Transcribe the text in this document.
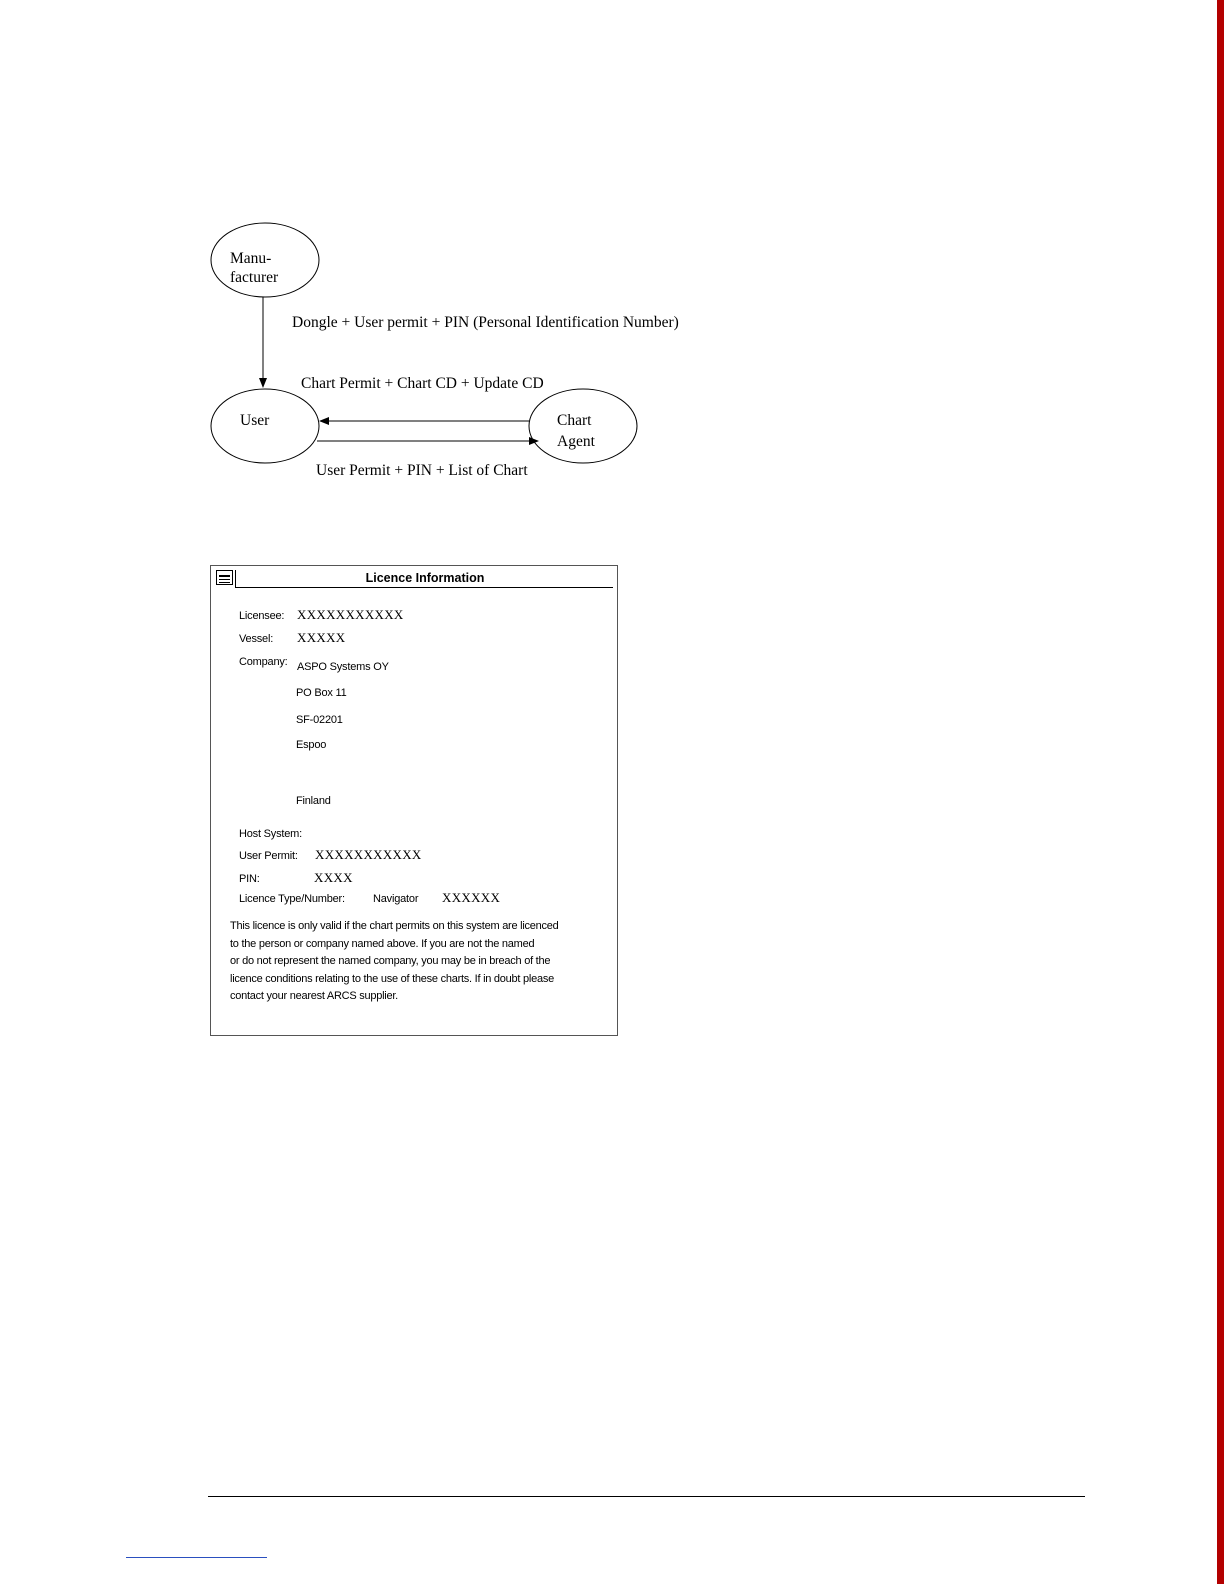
Manu-
facturer
User	Chart
Agent
Dongle + User permit + PIN (Personal Identification Number)
Chart Permit + Chart CD + Update CD
User Permit + PIN + List of Chart
Licence Information
Licensee: XXXXXXXXXXX
Vessel: XXXXX
Company: ASPO Systems OY
PO Box 11
SF-02201
Espoo
Finland
Host System:
User Permit: XXXXXXXXXXX
PIN:	XXXX
Licence Type/Number:	Navigator XXXXXX
This licence is only valid if the chart permits on this system are licenced
to the person or company named above. If you are not the named
or do not represent the named company, you may be in breach of the
licence conditions relating to the use of these charts. If in doubt please
contact your nearest ARCS supplier.
